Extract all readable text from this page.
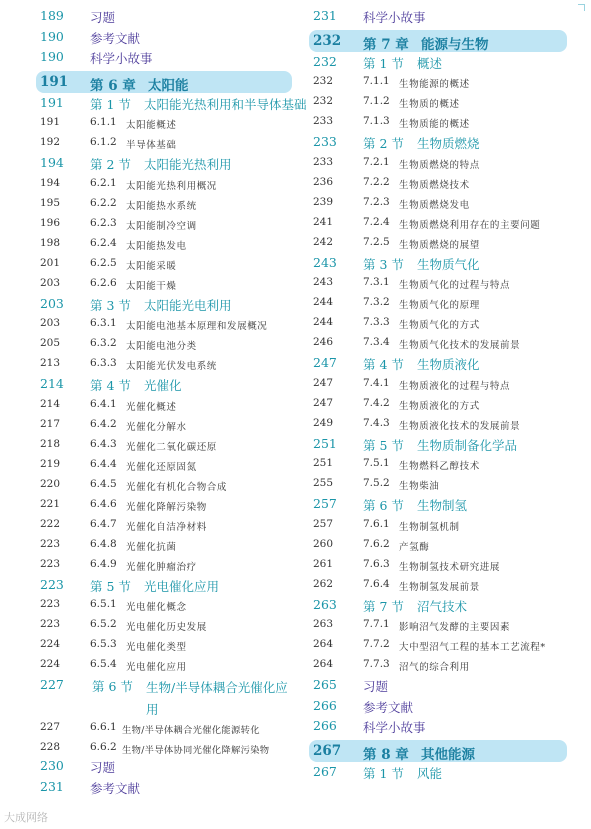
189 习题
190 参考文献
190 科学小故事
191 第 6 章 太阳能
191 第 1 节 太阳能光热利用和半导体基础
191	6.1.1 太阳能概述
192	6.1.2 半导体基础
194 第 2 节 太阳能光热利用
194	6.2.1 太阳能光热利用概况
195	6.2.2 太阳能热水系统
196	6.2.3 太阳能制冷空调
198	6.2.4 太阳能热发电
201	6.2.5 太阳能采暖
203	6.2.6 太阳能干燥
203 第 3 节 太阳能光电利用
203	6.3.1 太阳能电池基本原理和发展概况
205	6.3.2 太阳能电池分类
213	6.3.3 太阳能光伏发电系统
214 第 4 节 光催化
214	6.4.1 光催化概述
217	6.4.2 光催化分解水
218	6.4.3 光催化二氧化碳还原
219	6.4.4 光催化还原固氮
220	6.4.5 光催化有机化合物合成
221	6.4.6 光催化降解污染物
222	6.4.7 光催化自洁净材料
223	6.4.8 光催化抗菌
223	6.4.9 光催化肿瘤治疗
223 第 5 节 光电催化应用
223	6.5.1 光电催化概念
223	6.5.2 光电催化历史发展
224	6.5.3 光电催化类型
224	6.5.4 光电催化应用
227 第 6 节 生物/半导体耦合光催化应用
227	6.6.1 生物/半导体耦合光催化能源转化
228	6.6.2 生物/半导体协同光催化降解污染物
230 习题
231 参考文献
231 科学小故事
232 第 7 章 能源与生物
232 第 1 节 概述
232	7.1.1 生物能源的概述
232	7.1.2 生物质的概述
233	7.1.3 生物质能的概述
233 第 2 节 生物质燃烧
233	7.2.1 生物质燃烧的特点
236	7.2.2 生物质燃烧技术
239	7.2.3 生物质燃烧发电
241	7.2.4 生物质燃烧利用存在的主要问题
242	7.2.5 生物质燃烧的展望
243 第 3 节 生物质气化
243	7.3.1 生物质气化的过程与特点
244	7.3.2 生物质气化的原理
244	7.3.3 生物质气化的方式
246	7.3.4 生物质气化技术的发展前景
247 第 4 节 生物质液化
247	7.4.1 生物质液化的过程与特点
247	7.4.2 生物质液化的方式
249	7.4.3 生物质液化技术的发展前景
251 第 5 节 生物质制备化学品
251	7.5.1 生物燃料乙醇技术
255	7.5.2 生物柴油
257 第 6 节 生物制氢
257	7.6.1 生物制氢机制
260	7.6.2 产氢酶
261	7.6.3 生物制氢技术研究进展
262	7.6.4 生物制氢发展前景
263 第 7 节 沼气技术
263	7.7.1 影响沼气发酵的主要因素
264	7.7.2 大中型沼气工程的基本工艺流程*
264	7.7.3 沼气的综合利用
265 习题
266 参考文献
266 科学小故事
267 第 8 章 其他能源
267 第 1 节 风能
大成网络
